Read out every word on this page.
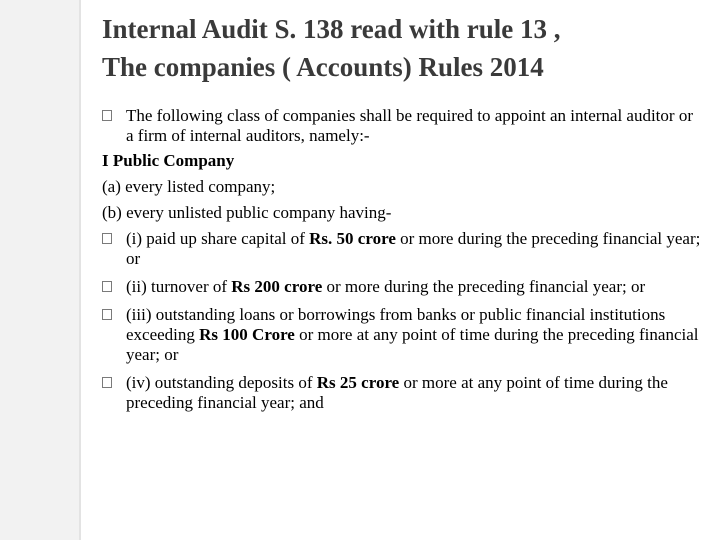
Internal Audit S. 138 read with rule 13 ,
The companies ( Accounts) Rules 2014

The following class of companies shall be required to appoint an internal auditor or a firm of internal auditors, namely:-

I Public Company

(a) every listed company;

(b) every unlisted public company having-

(i) paid up share capital of Rs. 50 crore or more during the preceding financial year; or

(ii) turnover of Rs 200 crore or more during the preceding financial year; or

(iii) outstanding loans or borrowings from banks or public financial institutions exceeding Rs 100 Crore or more at any point of time during the preceding financial year; or

(iv) outstanding deposits of Rs 25 crore or more at any point of time during the preceding financial year; and
